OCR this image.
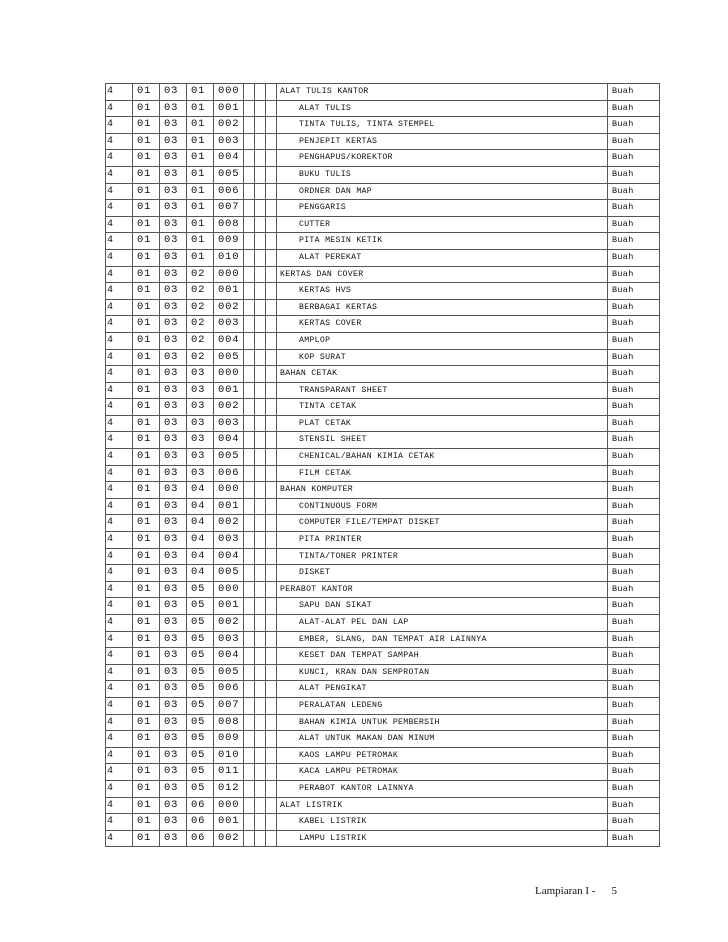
4	01	03	01	000				ALAT TULIS KANTOR	Buah
4	01	03	01	001				ALAT TULIS	Buah
4	01	03	01	002				TINTA TULIS, TINTA STEMPEL	Buah
4	01	03	01	003				PENJEPIT KERTAS	Buah
4	01	03	01	004				PENGHAPUS/KOREKTOR	Buah
4	01	03	01	005				BUKU TULIS	Buah
4	01	03	01	006				ORDNER DAN MAP	Buah
4	01	03	01	007				PENGGARIS	Buah
4	01	03	01	008				CUTTER	Buah
4	01	03	01	009				PITA MESIN KETIK	Buah
4	01	03	01	010				ALAT PEREKAT	Buah
4	01	03	02	000				KERTAS DAN COVER	Buah
4	01	03	02	001				KERTAS HVS	Buah
4	01	03	02	002				BERBAGAI KERTAS	Buah
4	01	03	02	003				KERTAS COVER	Buah
4	01	03	02	004				AMPLOP	Buah
4	01	03	02	005				KOP SURAT	Buah
4	01	03	03	000				BAHAN CETAK	Buah
4	01	03	03	001				TRANSPARANT SHEET	Buah
4	01	03	03	002				TINTA CETAK	Buah
4	01	03	03	003				PLAT CETAK	Buah
4	01	03	03	004				STENSIL SHEET	Buah
4	01	03	03	005				CHENICAL/BAHAN KIMIA CETAK	Buah
4	01	03	03	006				FILM CETAK	Buah
4	01	03	04	000				BAHAN KOMPUTER	Buah
4	01	03	04	001				CONTINUOUS FORM	Buah
4	01	03	04	002				COMPUTER FILE/TEMPAT DISKET	Buah
4	01	03	04	003				PITA PRINTER	Buah
4	01	03	04	004				TINTA/TONER PRINTER	Buah
4	01	03	04	005				DISKET	Buah
4	01	03	05	000				PERABOT KANTOR	Buah
4	01	03	05	001				SAPU DAN SIKAT	Buah
4	01	03	05	002				ALAT-ALAT PEL DAN LAP	Buah
4	01	03	05	003				EMBER, SLANG, DAN TEMPAT AIR LAINNYA	Buah
4	01	03	05	004				KESET DAN TEMPAT SAMPAH	Buah
4	01	03	05	005				KUNCI, KRAN DAN SEMPROTAN	Buah
4	01	03	05	006				ALAT PENGIKAT	Buah
4	01	03	05	007				PERALATAN LEDENG	Buah
4	01	03	05	008				BAHAN KIMIA UNTUK PEMBERSIH	Buah
4	01	03	05	009				ALAT UNTUK MAKAN DAN MINUM	Buah
4	01	03	05	010				KAOS LAMPU PETROMAK	Buah
4	01	03	05	011				KACA LAMPU PETROMAK	Buah
4	01	03	05	012				PERABOT KANTOR LAINNYA	Buah
4	01	03	06	000				ALAT LISTRIK	Buah
4	01	03	06	001				KABEL LISTRIK	Buah
4	01	03	06	002				LAMPU LISTRIK	Buah
Lampiaran I - 5
